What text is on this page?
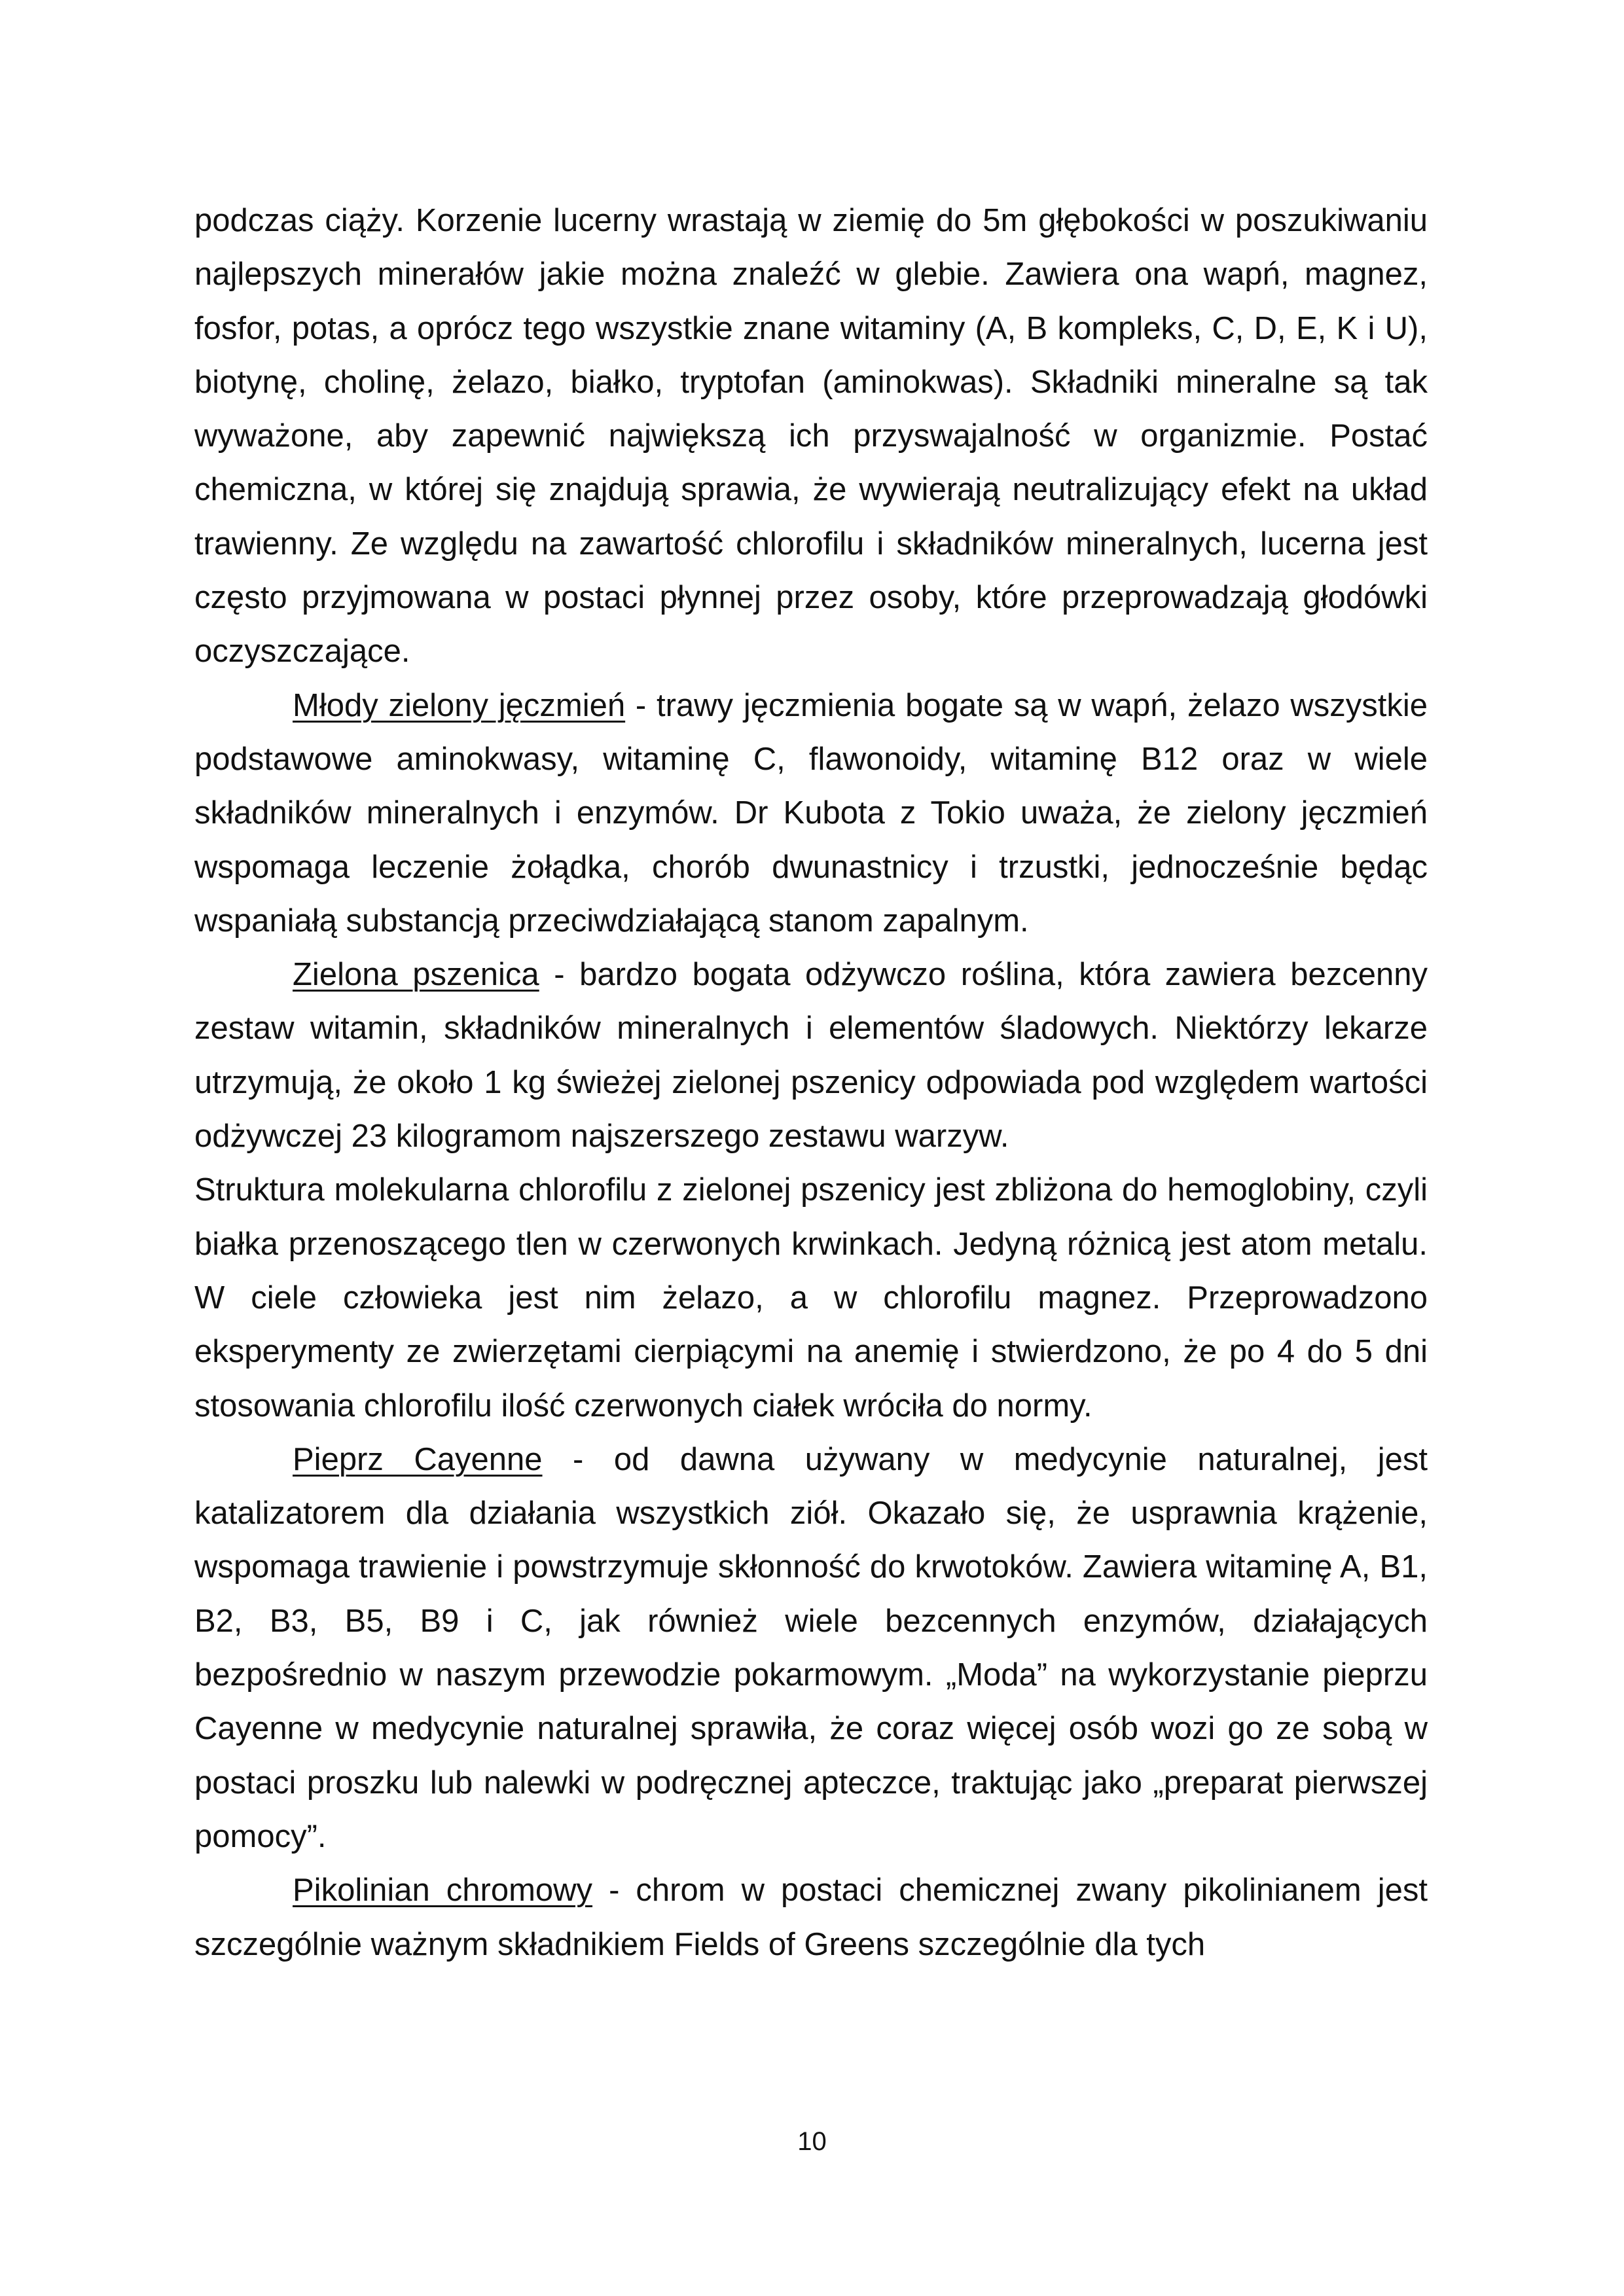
podczas ciąży. Korzenie lucerny wrastają w ziemię do 5m głębokości w poszukiwaniu najlepszych minerałów jakie można znaleźć w glebie. Zawiera ona wapń, magnez, fosfor, potas, a oprócz tego wszystkie znane witaminy (A, B kompleks, C, D, E, K i U), biotynę, cholinę, żelazo, białko, tryptofan (aminokwas). Składniki mineralne są tak wyważone, aby zapewnić największą ich przyswajalność w organizmie. Postać chemiczna, w której się znajdują sprawia, że wywierają neutralizujący efekt na układ trawienny. Ze względu na zawartość chlorofilu i składników mineralnych, lucerna jest często przyjmowana w postaci płynnej przez osoby, które przeprowadzają głodówki oczyszczające.

Młody zielony jęczmień - trawy jęczmienia bogate są w wapń, żelazo wszystkie podstawowe aminokwasy, witaminę C, flawonoidy, witaminę B12 oraz w wiele składników mineralnych i enzymów. Dr Kubota z Tokio uważa, że zielony jęczmień wspomaga leczenie żołądka, chorób dwunastnicy i trzustki, jednocześnie będąc wspaniałą substancją przeciwdziałającą stanom zapalnym.

Zielona pszenica - bardzo bogata odżywczo roślina, która zawiera bezcenny zestaw witamin, składników mineralnych i elementów śladowych. Niektórzy lekarze utrzymują, że około 1 kg świeżej zielonej pszenicy odpowiada pod względem wartości odżywczej 23 kilogramom najszerszego zestawu warzyw.

Struktura molekularna chlorofilu z zielonej pszenicy jest zbliżona do hemoglobiny, czyli białka przenoszącego tlen w czerwonych krwinkach. Jedyną różnicą jest atom metalu. W ciele człowieka jest nim żelazo, a w chlorofilu magnez. Przeprowadzono eksperymenty ze zwierzętami cierpiącymi na anemię i stwierdzono, że po 4 do 5 dni stosowania chlorofilu ilość czerwonych ciałek wróciła do normy.

Pieprz Cayenne - od dawna używany w medycynie naturalnej, jest katalizatorem dla działania wszystkich ziół. Okazało się, że usprawnia krążenie, wspomaga trawienie i powstrzymuje skłonność do krwotoków. Zawiera witaminę A, B1, B2, B3, B5, B9 i C, jak również wiele bezcennych enzymów, działających bezpośrednio w naszym przewodzie pokarmowym. „Moda” na wykorzystanie pieprzu Cayenne w medycynie naturalnej sprawiła, że coraz więcej osób wozi go ze sobą w postaci proszku lub nalewki w podręcznej apteczce, traktując jako „preparat pierwszej pomocy”.

Pikolinian chromowy - chrom w postaci chemicznej zwany pikolinianem jest szczególnie ważnym składnikiem Fields of Greens szczególnie dla tych

10
